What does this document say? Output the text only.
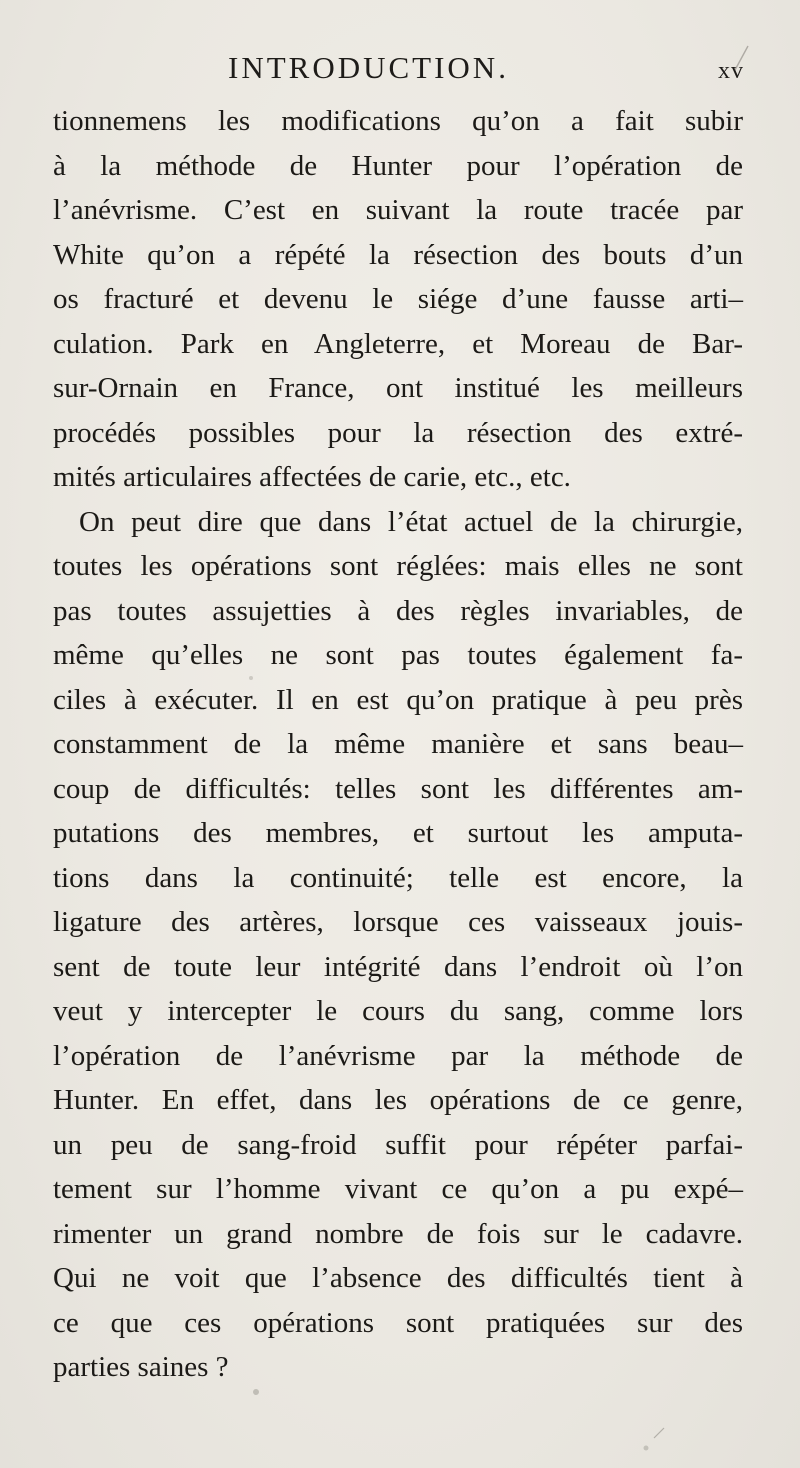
INTRODUCTION.	xv
tionnemens les modifications qu’on a fait subir
à la méthode de Hunter pour l’opération de
l’anévrisme. C’est en suivant la route tracée par
White qu’on a répété la résection des bouts d’un
os fracturé et devenu le siége d’une fausse arti–
culation. Park en Angleterre, et Moreau de Bar-
sur-Ornain en France, ont institué les meilleurs
procédés possibles pour la résection des extré-
mités articulaires affectées de carie, etc., etc.
On peut dire que dans l’état actuel de la chirurgie,
toutes les opérations sont réglées: mais elles ne sont
pas toutes assujetties à des règles invariables, de
même qu’elles ne sont pas toutes également fa-
ciles à exécuter. Il en est qu’on pratique à peu près
constamment de la même manière et sans beau–
coup de difficultés: telles sont les différentes am-
putations des membres, et surtout les amputa-
tions dans la continuité; telle est encore, la
ligature des artères, lorsque ces vaisseaux jouis-
sent de toute leur intégrité dans l’endroit où l’on
veut y intercepter le cours du sang, comme lors
l’opération de l’anévrisme par la méthode de
Hunter. En effet, dans les opérations de ce genre,
un peu de sang-froid suffit pour répéter parfai-
tement sur l’homme vivant ce qu’on a pu expé–
rimenter un grand nombre de fois sur le cadavre.
Qui ne voit que l’absence des difficultés tient à
ce que ces opérations sont pratiquées sur des
parties saines ?
